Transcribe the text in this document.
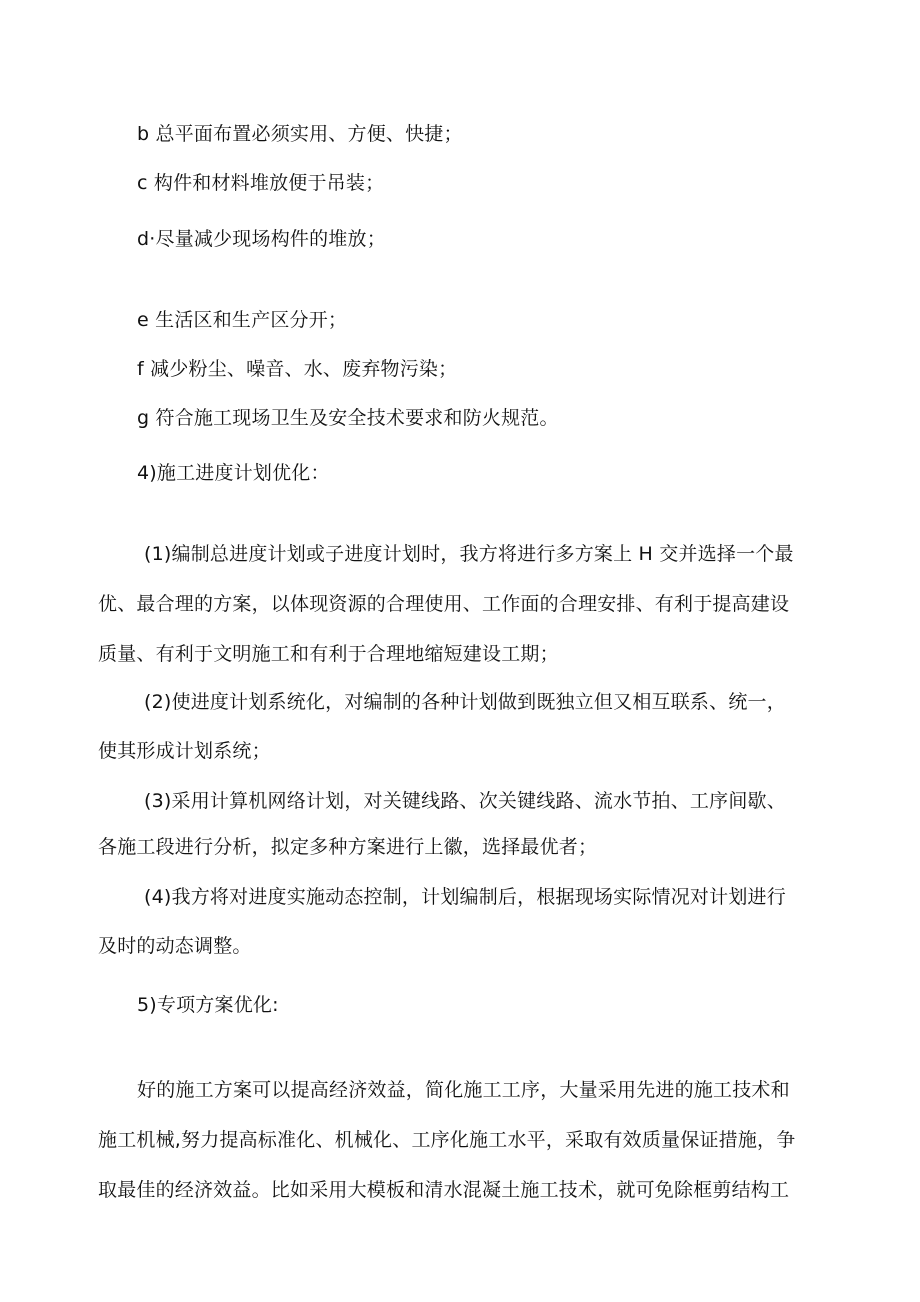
b 总平面布置必须实用、方便、快捷；
c 构件和材料堆放便于吊装；
d·尽量减少现场构件的堆放；
e 生活区和生产区分开；
f 减少粉尘、噪音、水、废弃物污染；
g 符合施工现场卫生及安全技术要求和防火规范。
4)施工进度计划优化：
(1)编制总进度计划或子进度计划时，我方将进行多方案上 H 交并选择一个最
优、最合理的方案，以体现资源的合理使用、工作面的合理安排、有利于提高建设
质量、有利于文明施工和有利于合理地缩短建设工期；
(2)使进度计划系统化，对编制的各种计划做到既独立但又相互联系、统一，
使其形成计划系统；
(3)采用计算机网络计划，对关键线路、次关键线路、流水节拍、工序间歇、
各施工段进行分析，拟定多种方案进行上徽，选择最优者；
(4)我方将对进度实施动态控制，计划编制后，根据现场实际情况对计划进行
及时的动态调整。
5)专项方案优化:
好的施工方案可以提高经济效益，简化施工工序，大量采用先进的施工技术和
施工机械,努力提高标准化、机械化、工序化施工水平，采取有效质量保证措施，争
取最佳的经济效益。比如采用大模板和清水混凝土施工技术，就可免除框剪结构工
